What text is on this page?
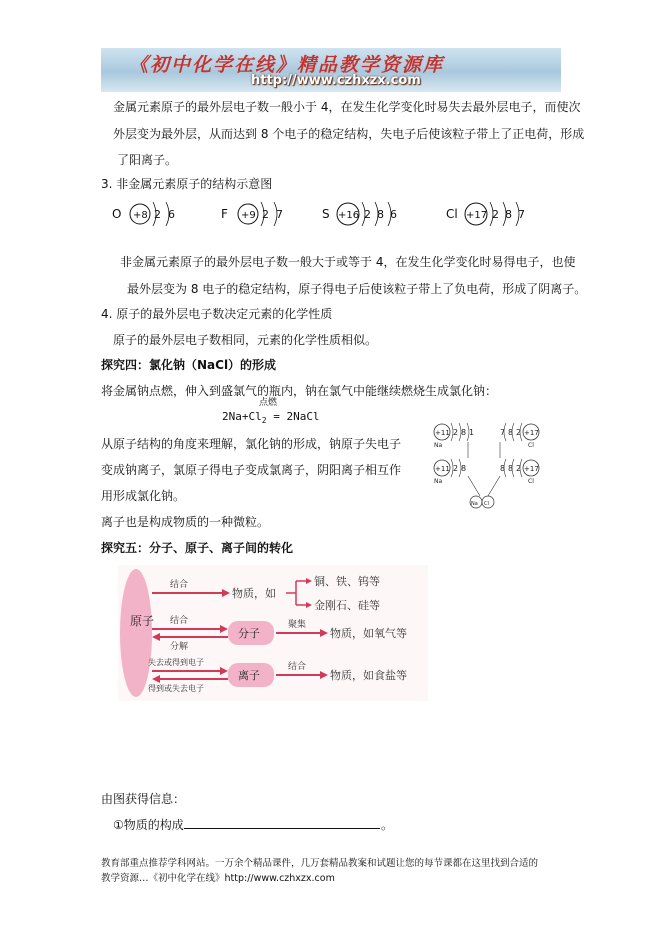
《初中化学在线》精品教学资源库
http://www.czhxzx.com
金属元素原子的最外层电子数一般小于 4，在发生化学变化时易失去最外层电子，而使次
外层变为最外层，从而达到 8 个电子的稳定结构，失电子后使该粒子带上了正电荷，形成
了阳离子。
3. 非金属元素原子的结构示意图
O +8 2 6	F +9 2 7	S +16 2 8 6	Cl +17 2 8 7
非金属元素原子的最外层电子数一般大于或等于 4，在发生化学变化时易得电子，也使
最外层变为 8 电子的稳定结构，原子得电子后使该粒子带上了负电荷，形成了阴离子。
4. 原子的最外层电子数决定元素的化学性质
原子的最外层电子数相同，元素的化学性质相似。
探究四：氯化钠（NaCl）的形成
将金属钠点燃，伸入到盛氯气的瓶内，钠在氯气中能继续燃烧生成氯化钠：
点燃
$2Na+Cl_2$ = 2NaCl
从原子结构的角度来理解，氯化钠的形成，钠原子失电子
变成钠离子，氯原子得电子变成氯离子，阴阳离子相互作
用形成氯化钠。
离子也是构成物质的一种微粒。
+11 2 8 1
Na
7 8 2 +17
Cl
+11 2 8
Na
8 8 2 +17
Cl
Na Cl
探究五：分子、原子、离子间的转化
原子
结合
物质，如
铜、铁、钨等
金刚石、硅等
结合
分解
分子
聚集
物质，如氧气等
失去或得到电子
得到或失去电子
离子
结合
物质，如食盐等
由图获得信息：
①物质的构成	。
教育部重点推荐学科网站。一万余个精品课件，几万套精品教案和试题让您的每节课都在这里找到合适的
教学资源…《初中化学在线》http://www.czhxzx.com
